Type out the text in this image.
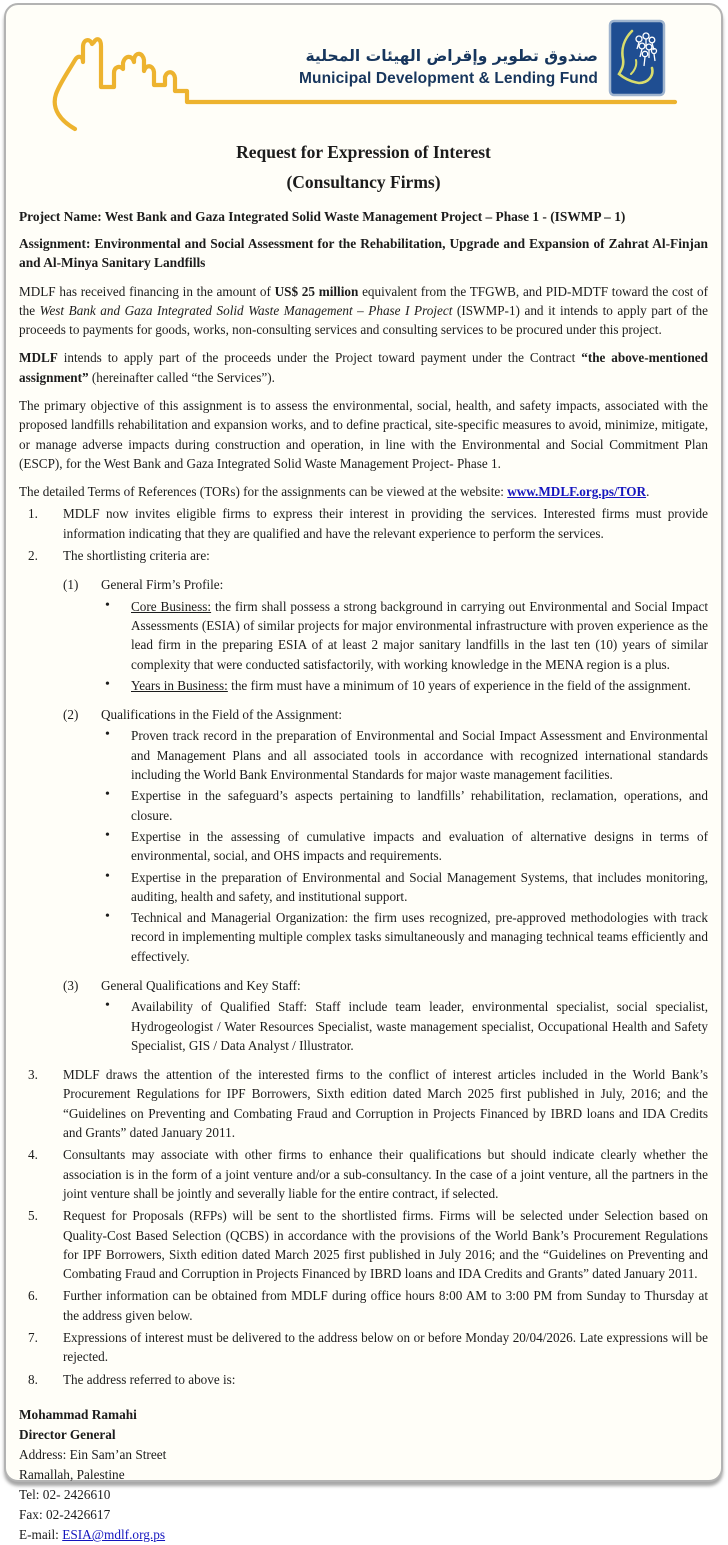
صندوق تطوير وإقراض الهيئات المحلية
Municipal Development & Lending Fund
Request for Expression of Interest
(Consultancy Firms)

Project Name: West Bank and Gaza Integrated Solid Waste Management Project – Phase 1 - (ISWMP – 1)

Assignment: Environmental and Social Assessment for the Rehabilitation, Upgrade and Expansion of Zahrat Al-Finjan and Al-Minya Sanitary Landfills

MDLF has received financing in the amount of US$ 25 million equivalent from the TFGWB, and PID-MDTF toward the cost of the West Bank and Gaza Integrated Solid Waste Management – Phase I Project (ISWMP-1) and it intends to apply part of the proceeds to payments for goods, works, non-consulting services and consulting services to be procured under this project.

MDLF intends to apply part of the proceeds under the Project toward payment under the Contract “the above-mentioned assignment” (hereinafter called “the Services”).

The primary objective of this assignment is to assess the environmental, social, health, and safety impacts, associated with the proposed landfills rehabilitation and expansion works, and to define practical, site-specific measures to avoid, minimize, mitigate, or manage adverse impacts during construction and operation, in line with the Environmental and Social Commitment Plan (ESCP), for the West Bank and Gaza Integrated Solid Waste Management Project- Phase 1.

The detailed Terms of References (TORs) for the assignments can be viewed at the website: www.MDLF.org.ps/TOR.

1.	MDLF now invites eligible firms to express their interest in providing the services. Interested firms must provide information indicating that they are qualified and have the relevant experience to perform the services.
2.	The shortlisting criteria are:
(1)	General Firm’s Profile:
•	Core Business: the firm shall possess a strong background in carrying out Environmental and Social Impact Assessments (ESIA) of similar projects for major environmental infrastructure with proven experience as the lead firm in the preparing ESIA of at least 2 major sanitary landfills in the last ten (10) years of similar complexity that were conducted satisfactorily, with working knowledge in the MENA region is a plus.
•	Years in Business: the firm must have a minimum of 10 years of experience in the field of the assignment.
(2)	Qualifications in the Field of the Assignment:
•	Proven track record in the preparation of Environmental and Social Impact Assessment and Environmental and Management Plans and all associated tools in accordance with recognized international standards including the World Bank Environmental Standards for major waste management facilities.
•	Expertise in the safeguard’s aspects pertaining to landfills’ rehabilitation, reclamation, operations, and closure.
•	Expertise in the assessing of cumulative impacts and evaluation of alternative designs in terms of environmental, social, and OHS impacts and requirements.
•	Expertise in the preparation of Environmental and Social Management Systems, that includes monitoring, auditing, health and safety, and institutional support.
•	Technical and Managerial Organization: the firm uses recognized, pre-approved methodologies with track record in implementing multiple complex tasks simultaneously and managing technical teams efficiently and effectively.
(3)	General Qualifications and Key Staff:
•	Availability of Qualified Staff: Staff include team leader, environmental specialist, social specialist, Hydrogeologist / Water Resources Specialist, waste management specialist, Occupational Health and Safety Specialist, GIS / Data Analyst / Illustrator.
3.	MDLF draws the attention of the interested firms to the conflict of interest articles included in the World Bank’s Procurement Regulations for IPF Borrowers, Sixth edition dated March 2025 first published in July, 2016; and the “Guidelines on Preventing and Combating Fraud and Corruption in Projects Financed by IBRD loans and IDA Credits and Grants” dated January 2011.
4.	Consultants may associate with other firms to enhance their qualifications but should indicate clearly whether the association is in the form of a joint venture and/or a sub-consultancy. In the case of a joint venture, all the partners in the joint venture shall be jointly and severally liable for the entire contract, if selected.
5.	Request for Proposals (RFPs) will be sent to the shortlisted firms. Firms will be selected under Selection based on Quality-Cost Based Selection (QCBS) in accordance with the provisions of the World Bank’s Procurement Regulations for IPF Borrowers, Sixth edition dated March 2025 first published in July 2016; and the “Guidelines on Preventing and Combating Fraud and Corruption in Projects Financed by IBRD loans and IDA Credits and Grants” dated January 2011.
6.	Further information can be obtained from MDLF during office hours 8:00 AM to 3:00 PM from Sunday to Thursday at the address given below.
7.	Expressions of interest must be delivered to the address below on or before Monday 20/04/2026. Late expressions will be rejected.
8.	The address referred to above is:
Mohammad Ramahi
Director General
Address: Ein Sam’an Street
Ramallah, Palestine
Tel: 02- 2426610
Fax: 02-2426617
E-mail: ESIA@mdlf.org.ps
